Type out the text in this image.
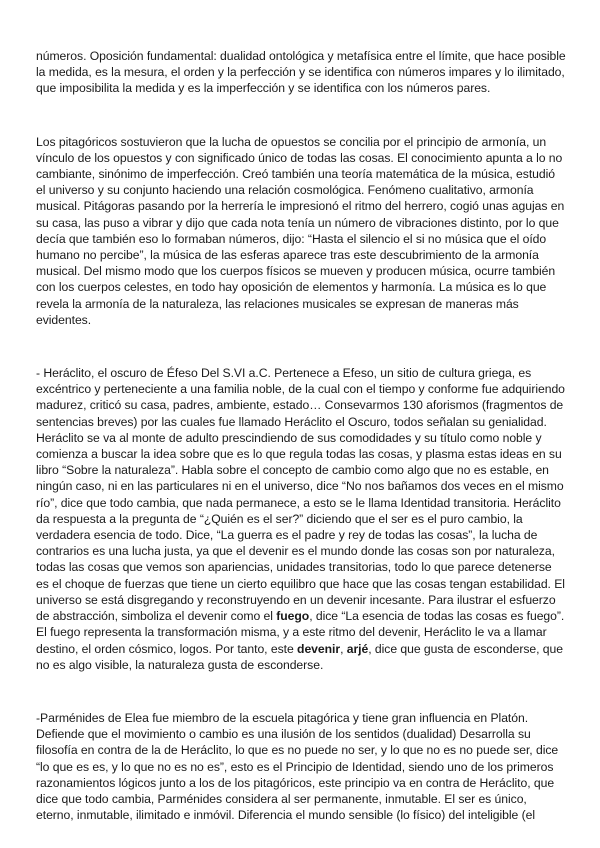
números. Oposición fundamental: dualidad ontológica y metafísica entre el límite, que hace posible la medida, es la mesura, el orden y la perfección y se identifica con números impares y lo ilimitado, que imposibilita la medida y es la imperfección y se identifica con los números pares.

Los pitagóricos sostuvieron que la lucha de opuestos se concilia por el principio de armonía, un vínculo de los opuestos y con significado único de todas las cosas. El conocimiento apunta a lo no cambiante, sinónimo de imperfección. Creó también una teoría matemática de la música, estudió el universo y su conjunto haciendo una relación cosmológica. Fenómeno cualitativo, armonía musical. Pitágoras pasando por la herrería le impresionó el ritmo del herrero, cogió unas agujas en su casa, las puso a vibrar y dijo que cada nota tenía un número de vibraciones distinto, por lo que decía que también eso lo formaban números, dijo: “Hasta el silencio el si no música que el oído humano no percibe”, la música de las esferas aparece tras este descubrimiento de la armonía musical. Del mismo modo que los cuerpos físicos se mueven y producen música, ocurre también con los cuerpos celestes, en todo hay oposición de elementos y harmonía. La música es lo que revela la armonía de la naturaleza, las relaciones musicales se expresan de maneras más evidentes.

- Heráclito, el oscuro de Éfeso Del S.VI a.C. Pertenece a Efeso, un sitio de cultura griega, es excéntrico y perteneciente a una familia noble, de la cual con el tiempo y conforme fue adquiriendo madurez, criticó su casa, padres, ambiente, estado… Consevarmos 130 aforismos (fragmentos de sentencias breves) por las cuales fue llamado Heráclito el Oscuro, todos señalan su genialidad. Heráclito se va al monte de adulto prescindiendo de sus comodidades y su título como noble y comienza a buscar la idea sobre que es lo que regula todas las cosas, y plasma estas ideas en su libro “Sobre la naturaleza”. Habla sobre el concepto de cambio como algo que no es estable, en ningún caso, ni en las particulares ni en el universo, dice “No nos bañamos dos veces en el mismo río”, dice que todo cambia, que nada permanece, a esto se le llama Identidad transitoria. Heráclito da respuesta a la pregunta de “¿Quién es el ser?” diciendo que el ser es el puro cambio, la verdadera esencia de todo. Dice, “La guerra es el padre y rey de todas las cosas”, la lucha de contrarios es una lucha justa, ya que el devenir es el mundo donde las cosas son por naturaleza, todas las cosas que vemos son apariencias, unidades transitorias, todo lo que parece detenerse es el choque de fuerzas que tiene un cierto equilibro que hace que las cosas tengan estabilidad. El universo se está disgregando y reconstruyendo en un devenir incesante. Para ilustrar el esfuerzo de abstracción, simboliza el devenir como el fuego, dice “La esencia de todas las cosas es fuego”. El fuego representa la transformación misma, y a este ritmo del devenir, Heráclito le va a llamar destino, el orden cósmico, logos. Por tanto, este devenir, arjé, dice que gusta de esconderse, que no es algo visible, la naturaleza gusta de esconderse.

-Parménides de Elea fue miembro de la escuela pitagórica y tiene gran influencia en Platón. Defiende que el movimiento o cambio es una ilusión de los sentidos (dualidad) Desarrolla su filosofía en contra de la de Heráclito, lo que es no puede no ser, y lo que no es no puede ser, dice “lo que es es, y lo que no es no es”, esto es el Principio de Identidad, siendo uno de los primeros razonamientos lógicos junto a los de los pitagóricos, este principio va en contra de Heráclito, que dice que todo cambia, Parménides considera al ser permanente, inmutable. El ser es único, eterno, inmutable, ilimitado e inmóvil. Diferencia el mundo sensible (lo físico) del inteligible (el
